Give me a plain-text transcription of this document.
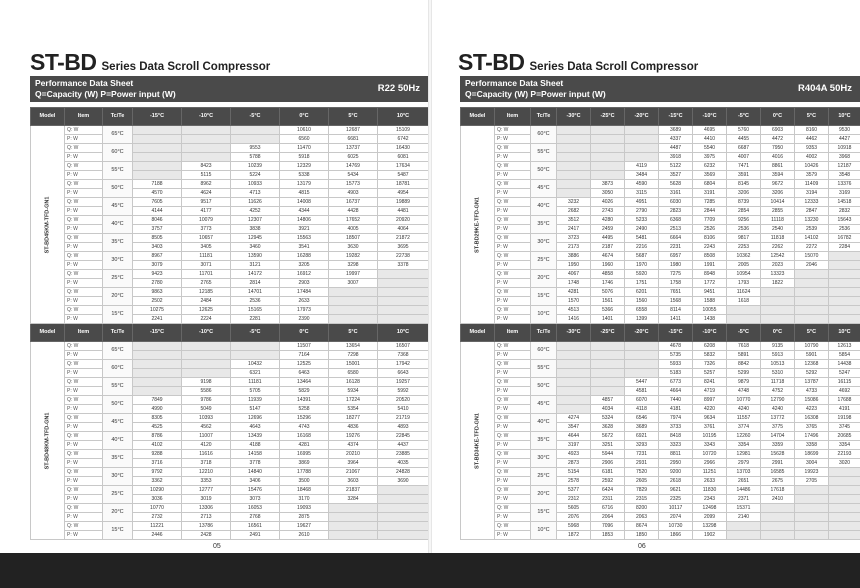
ST-BD Series Data Scroll Compressor
Performance Data Sheet
Q=Capacity (W) P=Power input (W)	R22 50Hz
Model	Item	Tc/Te	-15°C	-10°C	-5°C	0°C	5°C	10°C

ST-BD45KM-TFD-GN1	Q: W	65°C				10610	12687	15109
	P: W					6560	6681	6742
	Q: W	60°C			9553	11470	13737	16430
	P: W				5788	5918	6025	6081
	Q: W	55°C		8423	10239	12329	14769	17634
	P: W			5115	5224	5338	5434	5487
	Q: W	50°C	7188	8962	10933	13179	15773	18781
	P: W		4570	4624	4713	4815	4903	4954
	Q: W	45°C	7605	9517	11626	14008	16737	19889
	P: W		4144	4177	4252	4344	4428	4481
	Q: W	40°C	8046	10079	12307	14806	17652	20920
	P: W		3757	3773	3838	3921	4005	4064
	Q: W	35°C	8505	10657	12945	15563	18507	21872
	P: W		3403	3405	3460	3541	3630	3695
	Q: W	30°C	8967	11181	13590	16288	19282	22738
	P: W		3079	3071	3121	3205	3298	3378
	Q: W	25°C	9423	11701	14172	16912	19997	
	P: W		2780	2765	2814	2903	3007	
	Q: W	20°C	9863	12185	14701	17484		
	P: W		2502	2484	2536	2633		
	Q: W	15°C	10275	12625	15165	17973		
	P: W		2241	2224	2281	2390		
Model	Item	Tc/Te	-15°C	-10°C	-5°C	0°C	5°C	10°C

ST-BD48KM-TFD-GN1	Q: W	65°C				11507	13654	16507
	P: W					7164	7298	7368
	Q: W	60°C			10432	12525	15001	17942
	P: W				6321	6463	6580	6643
	Q: W	55°C		9198	11181	13464	16128	19257
	P: W			5586	5705	5829	5934	5992
	Q: W	50°C	7849	9786	11939	14391	17224	20520
	P: W		4990	5049	5147	5258	5354	5410
	Q: W	45°C	8305	10393	12696	15296	18277	21719
	P: W		4525	4562	4643	4743	4836	4893
	Q: W	40°C	8786	11007	13439	16168	19276	22845
	P: W		4102	4120	4188	4281	4374	4437
	Q: W	35°C	9288	11616	14158	16995	20210	23885
	P: W		3716	3718	3778	3869	3964	4035
	Q: W	30°C	9792	12210	14840	17788	21067	24828
	P: W		3362	3353	3406	3500	3603	3690
	Q: W	25°C	10290	12777	15476	18468	21837	
	P: W		3036	3019	3073	3170	3284	
	Q: W	20°C	10770	13306	16053	19093		
	P: W		2732	2713	2768	2875		
	Q: W	15°C	11221	13786	16561	19627		
	P: W		2446	2428	2491	2610		
05
ST-BD Series Data Scroll Compressor
Performance Data Sheet
Q=Capacity (W) P=Power input (W)	R404A 50Hz
Model	Item	Tc/Te	-30°C	-25°C	-20°C	-15°C	-10°C	-5°C	0°C	5°C	10°C

ST-BD29KE-TFD-GN1	Q: W	60°C				3689	4695	5760	6903	8160	9530
	P: W					4337	4410	4455	4472	4462	4427
	Q: W	55°C				4487	5540	6687	7950	9353	10918
	P: W					3918	3975	4007	4016	4002	3968
	Q: W	50°C			4119	5122	6232	7471	8861	10426	12187
	P: W				3484	3527	3569	3591	3594	3579	3548
	Q: W	45°C		3873	4590	5628	6804	8145	9672	11409	13376
	P: W			3050	3115	3161	3191	3206	3206	3194	3169
	Q: W	40°C	3232	4026	4951	6030	7285	8739	10414	12333	14518
	P: W		2682	2743	2790	2823	2844	2854	2855	2847	2832
	Q: W	35°C	3512	4280	5233	6368	7709	9256	11118	13230	15643
	P: W		2417	2459	2490	2513	2526	2536	2540	2539	2536
	Q: W	30°C	3723	4495	5481	6664	8106	9817	11818	14102	16782
	P: W		2173	2187	2216	2231	2243	2253	2262	2272	2284
	Q: W	25°C	3886	4674	5687	6957	8508	10362	12542	15070	
	P: W		1950	1960	1970	1980	1991	2005	2023	2046	
	Q: W	20°C	4067	4858	5920	7275	8948	10954	13323		
	P: W		1748	1746	1751	1758	1772	1793	1822		
	Q: W	15°C	4281	5076	6201	7651	9451	11624			
	P: W		1570	1561	1560	1568	1588	1618			
	Q: W	10°C	4513	5366	6558	8114	10055				
	P: W		1416	1401	1399	1411	1438				
Model	Item	Tc/Te	-30°C	-25°C	-20°C	-15°C	-10°C	-5°C	0°C	5°C	10°C

ST-BD34KE-TFD-GN1	Q: W	60°C				4678	6208	7618	9135	10790	12613
	P: W					5735	5832	5891	5913	5901	5854
	Q: W	55°C				5933	7326	8842	10513	12368	14438
	P: W					5183	5257	5299	5310	5292	5247
	Q: W	50°C			5447	6773	8241	9879	11718	13787	16115
	P: W				4581	4664	4719	4748	4752	4733	4692
	Q: W	45°C		4857	6070	7440	8997	10770	12790	15086	17688
	P: W			4034	4118	4181	4220	4240	4240	4223	4191
	Q: W	40°C	4274	5324	6546	7974	9634	11557	13772	16308	19198
	P: W		3547	3628	3689	3733	3761	3774	3775	3765	3745
	Q: W	35°C	4644	5672	6921	8418	10195	12260	14704	17496	20685
	P: W		3197	3251	3293	3323	3343	3354	3359	3358	3354
	Q: W	30°C	4923	5944	7231	8811	10720	12981	15628	18699	22193
	P: W		2873	2906	2931	2950	2966	2979	2991	3004	3020
	Q: W	25°C	5154	6181	7520	9200	11251	13703	16585	19923	
	P: W		2578	2592	2605	2618	2633	2651	2675	2705	
	Q: W	20°C	5377	6424	7829	9621	11830	14486	17618		
	P: W		2312	2311	2315	2325	2343	2371	2410		
	Q: W	15°C	5605	6716	8200	10117	12498	15371			
	P: W		2076	2064	2063	2074	2099	2140			
	Q: W	10°C	5968	7096	8674	10730	13298				
	P: W		1872	1853	1850	1866	1902				
06
